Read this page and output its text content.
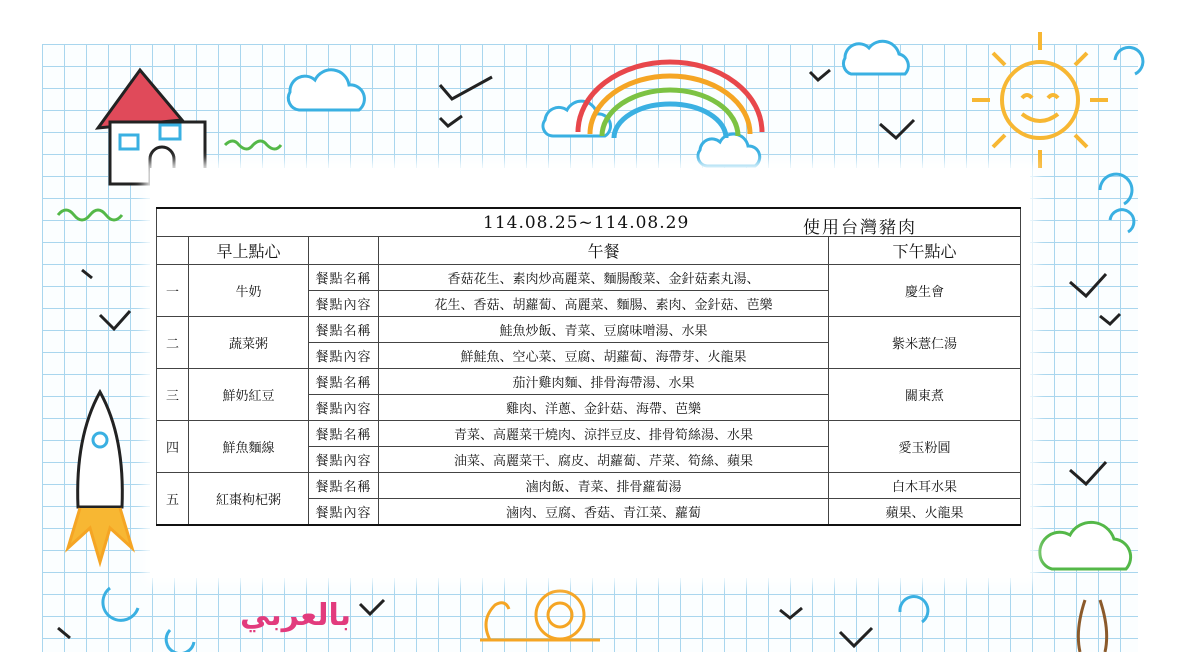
114.08.25~114.08.29 使用台灣豬肉				

	早上點心		午餐	下午點心
一	牛奶	餐點名稱	香菇花生、素肉炒高麗菜、麵腸酸菜、金針菇素丸湯、	慶生會
		餐點內容	花生、香菇、胡蘿蔔、高麗菜、麵腸、素肉、金針菇、芭樂	
二	蔬菜粥	餐點名稱	鮭魚炒飯、青菜、豆腐味噌湯、水果	紫米薏仁湯
		餐點內容	鮮鮭魚、空心菜、豆腐、胡蘿蔔、海帶芽、火龍果	
三	鮮奶紅豆	餐點名稱	茄汁雞肉麵、排骨海帶湯、水果	關東煮
		餐點內容	雞肉、洋蔥、金針菇、海帶、芭樂	
四	鮮魚麵線	餐點名稱	青菜、高麗菜干燒肉、涼拌豆皮、排骨筍絲湯、水果	愛玉粉圓
		餐點內容	油菜、高麗菜干、腐皮、胡蘿蔔、芹菜、筍絲、蘋果	
五	紅棗枸杞粥	餐點名稱	滷肉飯、青菜、排骨蘿蔔湯	白木耳水果
		餐點內容	滷肉、豆腐、香菇、青江菜、蘿蔔	蘋果、火龍果
بالعربي
